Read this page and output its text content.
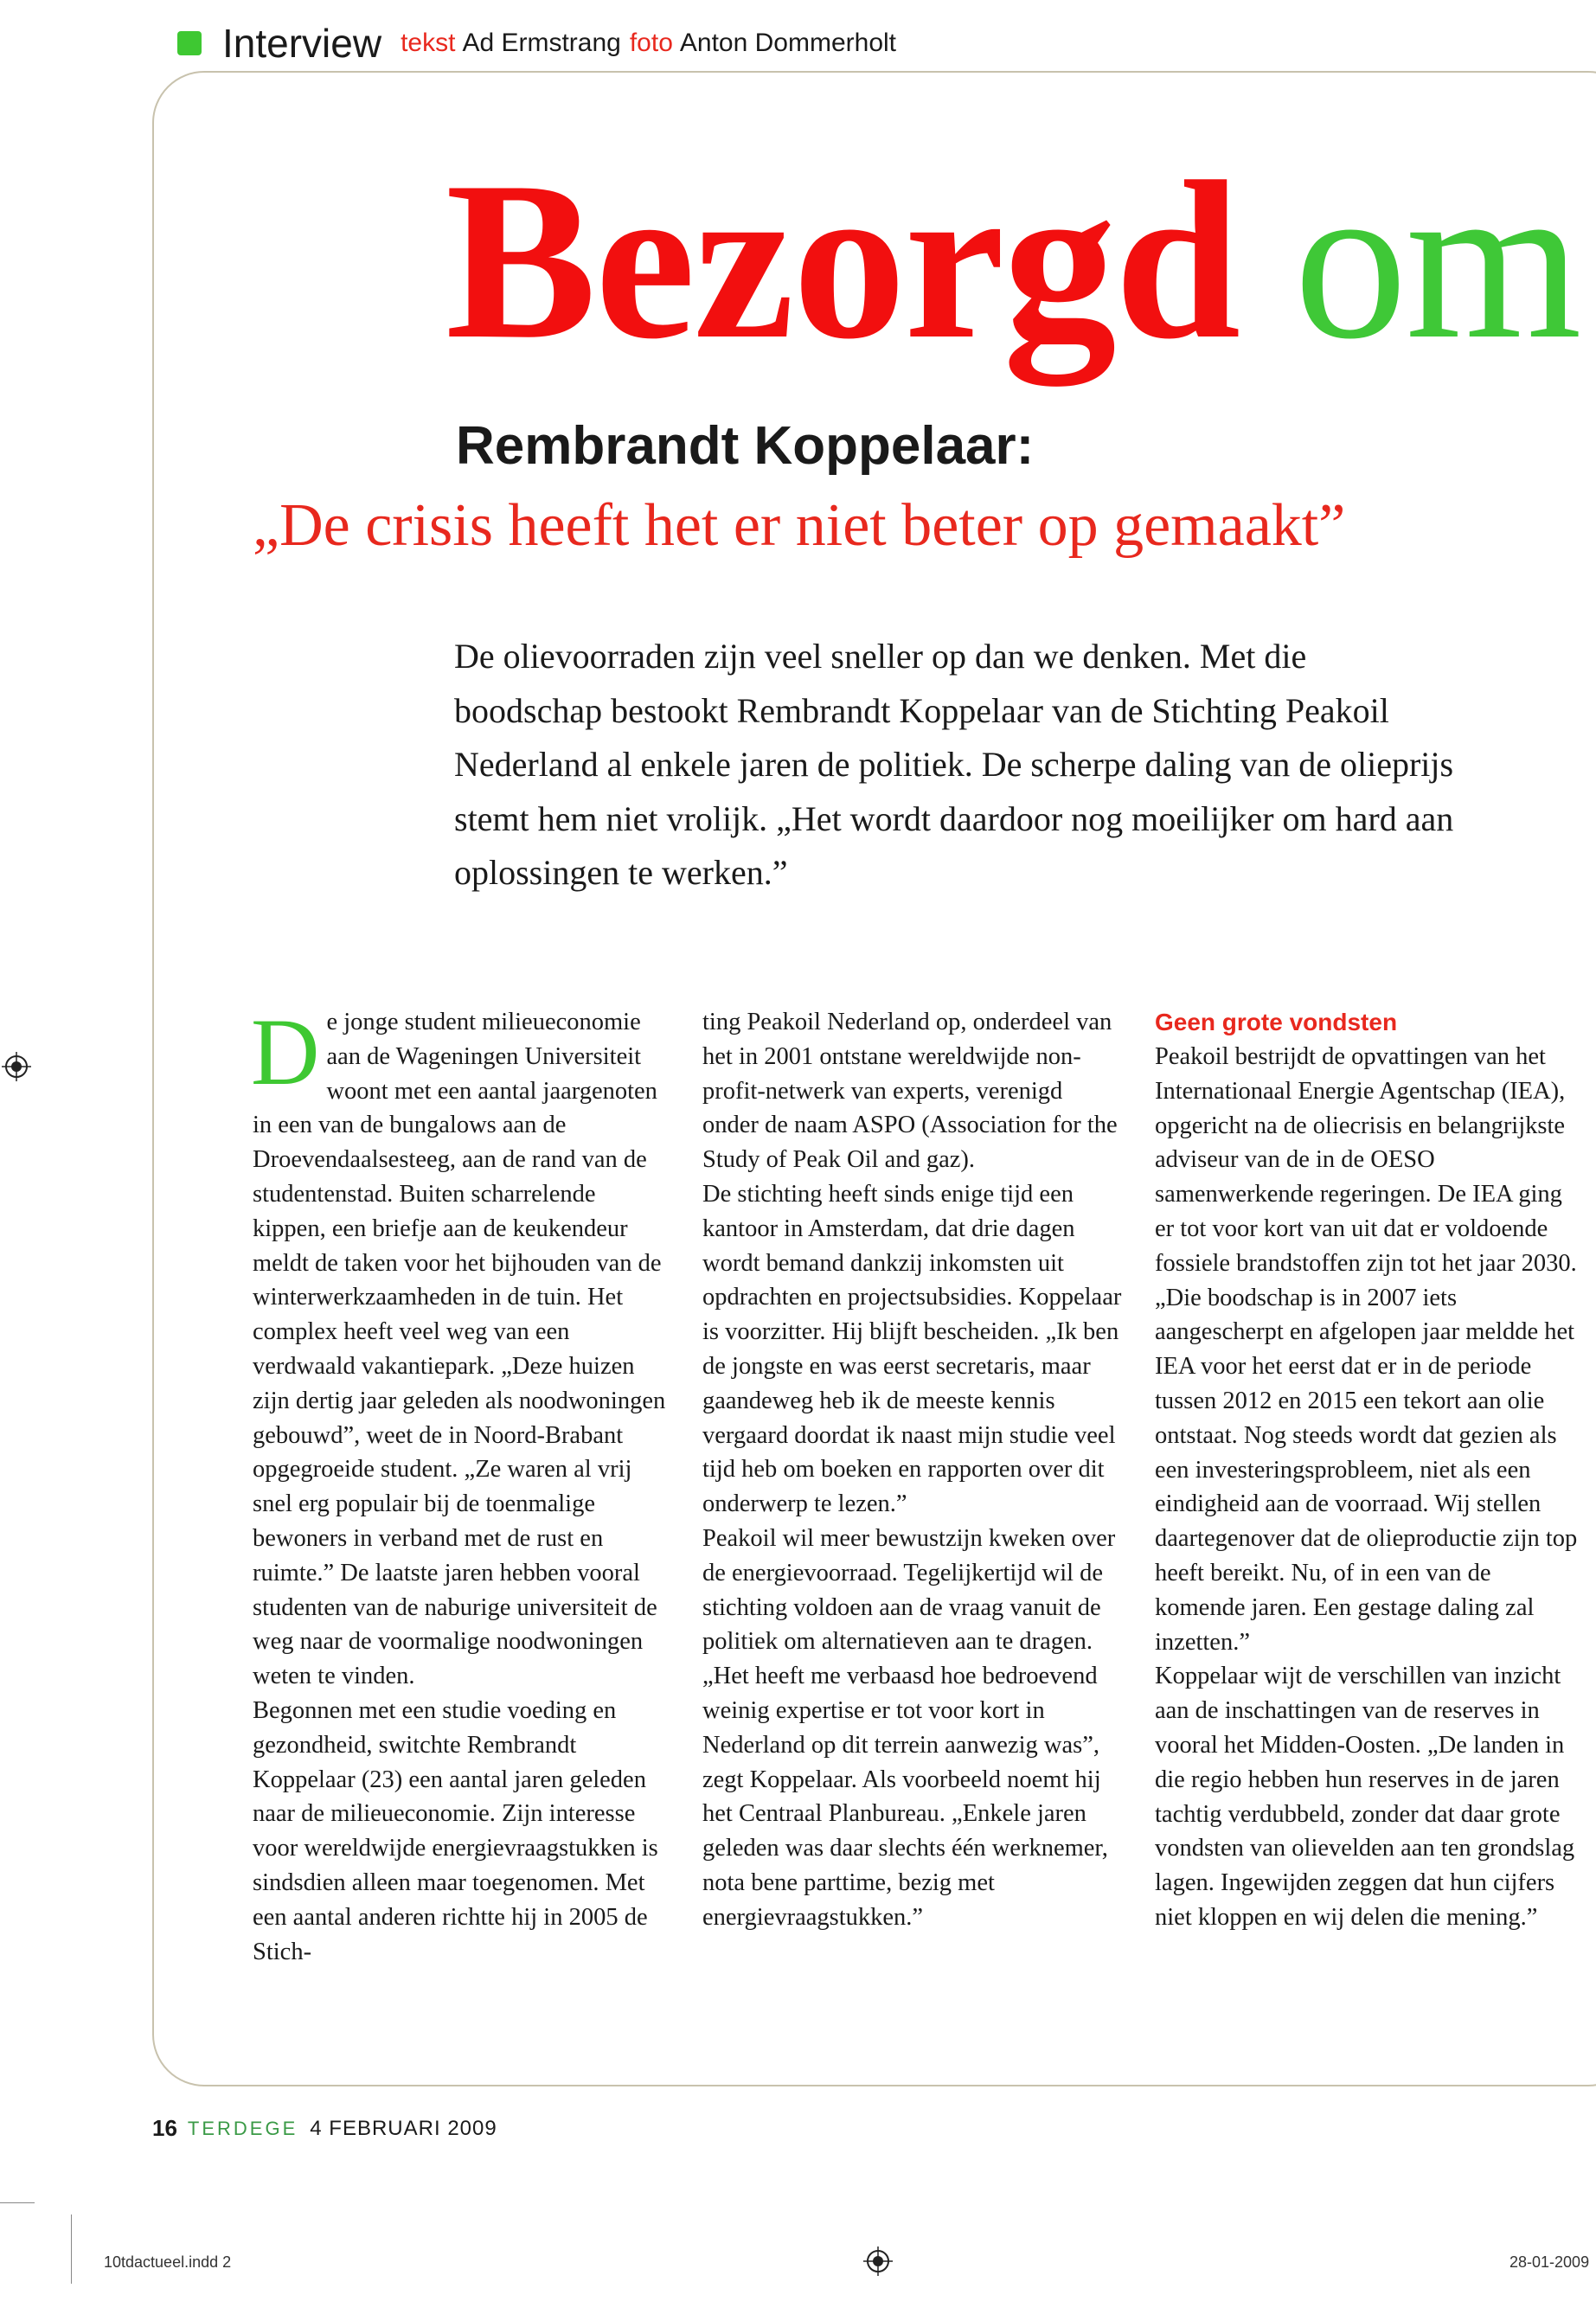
Interview tekst Ad Ermstrang foto Anton Dommerholt
Bezorgd om
Rembrandt Koppelaar:
„De crisis heeft het er niet beter op gemaakt”
De olievoorraden zijn veel sneller op dan we denken. Met die boodschap bestookt Rembrandt Koppelaar van de Stichting Peakoil Nederland al enkele jaren de politiek. De scherpe daling van de olieprijs stemt hem niet vrolijk. „Het wordt daardoor nog moeilijker om hard aan oplossingen te werken.”

De jonge student milieueconomie aan de Wageningen Universiteit woont met een aantal jaargenoten in een van de bungalows aan de Droevendaalsesteeg, aan de rand van de studentenstad. Buiten scharrelende kippen, een briefje aan de keukendeur meldt de taken voor het bijhouden van de winterwerkzaamheden in de tuin. Het complex heeft veel weg van een verdwaald vakantiepark. „Deze huizen zijn dertig jaar geleden als noodwoningen gebouwd”, weet de in Noord-Brabant opgegroeide student. „Ze waren al vrij snel erg populair bij de toenmalige bewoners in verband met de rust en ruimte.” De laatste jaren hebben vooral studenten van de naburige universiteit de weg naar de voormalige noodwoningen weten te vinden.

Begonnen met een studie voeding en gezondheid, switchte Rembrandt Koppelaar (23) een aantal jaren geleden naar de milieueconomie. Zijn interesse voor wereldwijde energievraagstukken is sindsdien alleen maar toegenomen. Met een aantal anderen richtte hij in 2005 de Stich-

ting Peakoil Nederland op, onderdeel van het in 2001 ontstane wereldwijde non-profit-netwerk van experts, verenigd onder de naam ASPO (Association for the Study of Peak Oil and gaz).

De stichting heeft sinds enige tijd een kantoor in Amsterdam, dat drie dagen wordt bemand dankzij inkomsten uit opdrachten en projectsubsidies. Koppelaar is voorzitter. Hij blijft bescheiden. „Ik ben de jongste en was eerst secretaris, maar gaandeweg heb ik de meeste kennis vergaard doordat ik naast mijn studie veel tijd heb om boeken en rapporten over dit onderwerp te lezen.”

Peakoil wil meer bewustzijn kweken over de energievoorraad. Tegelijkertijd wil de stichting voldoen aan de vraag vanuit de politiek om alternatieven aan te dragen. „Het heeft me verbaasd hoe bedroevend weinig expertise er tot voor kort in Nederland op dit terrein aanwezig was”, zegt Koppelaar. Als voorbeeld noemt hij het Centraal Planbureau. „Enkele jaren geleden was daar slechts één werknemer, nota bene parttime, bezig met energievraagstukken.”

Geen grote vondsten

Peakoil bestrijdt de opvattingen van het Internationaal Energie Agentschap (IEA), opgericht na de oliecrisis en belangrijkste adviseur van de in de OESO samenwerkende regeringen. De IEA ging er tot voor kort van uit dat er voldoende fossiele brandstoffen zijn tot het jaar 2030. „Die boodschap is in 2007 iets aangescherpt en afgelopen jaar meldde het IEA voor het eerst dat er in de periode tussen 2012 en 2015 een tekort aan olie ontstaat. Nog steeds wordt dat gezien als een investeringsprobleem, niet als een eindigheid aan de voorraad. Wij stellen daartegenover dat de olieproductie zijn top heeft bereikt. Nu, of in een van de komende jaren. Een gestage daling zal inzetten.”

Koppelaar wijt de verschillen van inzicht aan de inschattingen van de reserves in vooral het Midden-Oosten. „De landen in die regio hebben hun reserves in de jaren tachtig verdubbeld, zonder dat daar grote vondsten van olievelden aan ten grondslag lagen. Ingewijden zeggen dat hun cijfers niet kloppen en wij delen die mening.”

16 TERDEGE 4 FEBRUARI 2009
10tdactueel.indd 2	28-01-2009
